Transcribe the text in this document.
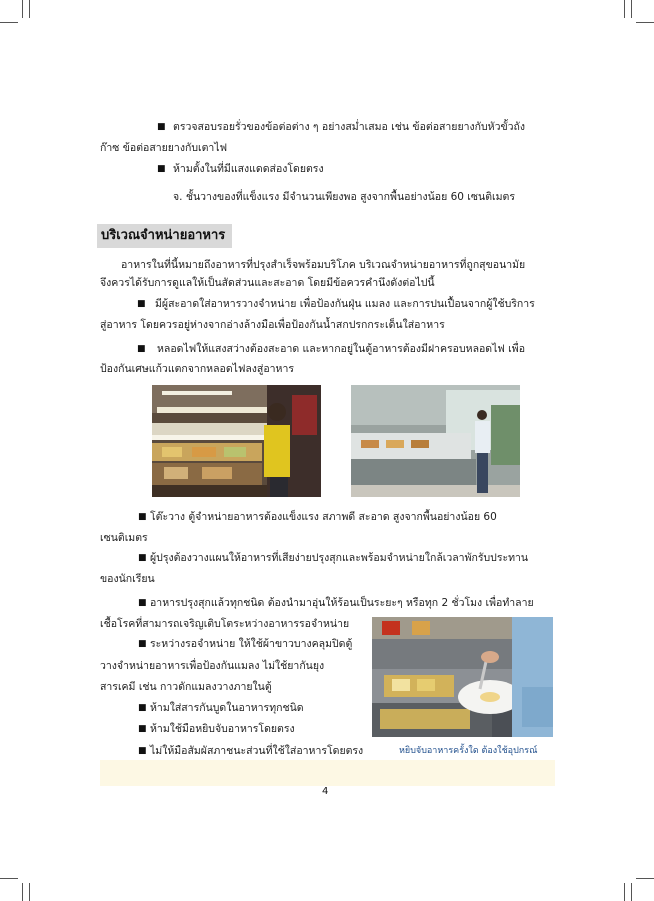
■ ตรวจสอบรอยรั่วของข้อต่อต่าง ๆ อย่างสม่ำเสมอ เช่น ข้อต่อสายยางกับหัวขั้วถัง
ก๊าซ ข้อต่อสายยางกับเตาไฟ
■ ห้ามตั้งในที่มีแสงแดดส่องโดยตรง
จ. ชั้นวางของที่แข็งแรง มีจำนวนเพียงพอ สูงจากพื้นอย่างน้อย 60 เซนติเมตร
บริเวณจำหน่ายอาหาร
อาหารในที่นี้หมายถึงอาหารที่ปรุงสำเร็จพร้อมบริโภค บริเวณจำหน่ายอาหารที่ถูกสุขอนามัย
จึงควรได้รับการดูแลให้เป็นสัดส่วนและสะอาด โดยมีข้อควรคำนึงดังต่อไปนี้
■ มีผู้สะอาดใส่อาหารวางจำหน่าย เพื่อป้องกันฝุ่น แมลง และการปนเปื้อนจากผู้ใช้บริการ
สู่อาหาร โดยควรอยู่ห่างจากอ่างล้างมือเพื่อป้องกันน้ำสกปรกกระเด็นใส่อาหาร
■ หลอดไฟให้แสงสว่างต้องสะอาด และหากอยู่ในตู้อาหารต้องมีฝาครอบหลอดไฟ เพื่อ
ป้องกันเศษแก้วแตกจากหลอดไฟลงสู่อาหาร
■ โต๊ะวาง ตู้จำหน่ายอาหารต้องแข็งแรง สภาพดี สะอาด สูงจากพื้นอย่างน้อย 60
เซนติเมตร
■ ผู้ปรุงต้องวางแผนให้อาหารที่เสียง่ายปรุงสุกและพร้อมจำหน่ายใกล้เวลาพักรับประทาน
ของนักเรียน
■ อาหารปรุงสุกแล้วทุกชนิด ต้องนำมาอุ่นให้ร้อนเป็นระยะๆ หรือทุก 2 ชั่วโมง เพื่อทำลาย
เชื้อโรคที่สามารถเจริญเติบโตระหว่างอาหารรอจำหน่าย
■ ระหว่างรอจำหน่าย ให้ใช้ผ้าขาวบางคลุมปิดตู้
วางจำหน่ายอาหารเพื่อป้องกันแมลง ไม่ใช้ยากันยุง
สารเคมี เช่น กาวดักแมลงวางภายในตู้
■ ห้ามใส่สารกันบูดในอาหารทุกชนิด
■ ห้ามใช้มือหยิบจับอาหารโดยตรง
■ ไม่ให้มือสัมผัสภาชนะส่วนที่ใช้ใส่อาหารโดยตรง	หยิบจับอาหารครั้งใด ต้องใช้อุปกรณ์
4
